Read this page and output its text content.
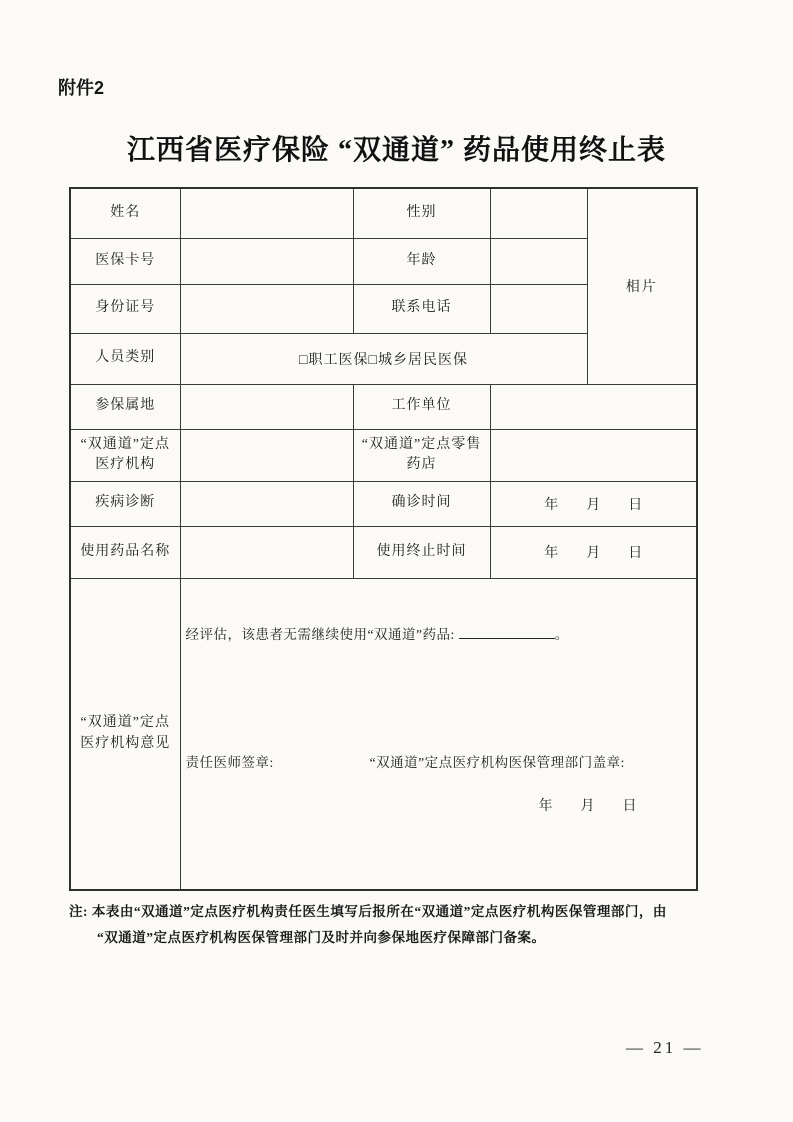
附件2
江西省医疗保险 “双通道” 药品使用终止表
姓名		性别		相片
医保卡号		年龄		
身份证号		联系电话		
人员类别	□职工医保□城乡居民医保			
参保属地		工作单位		
“双通道”定点医疗机构		“双通道”定点零售药店		
疾病诊断		确诊时间	年　　月　　日	
使用药品名称		使用终止时间	年　　月　　日	
“双通道”定点医疗机构意见	经评估，该患者无需继续使用“双通道”药品: 。
责任医师签章: “双通道”定点医疗机构医保管理部门盖章:
年　　月　　日			
注: 本表由“双通道”定点医疗机构责任医生填写后报所在“双通道”定点医疗机构医保管理部门，由
“双通道”定点医疗机构医保管理部门及时并向参保地医疗保障部门备案。
— 21 —
